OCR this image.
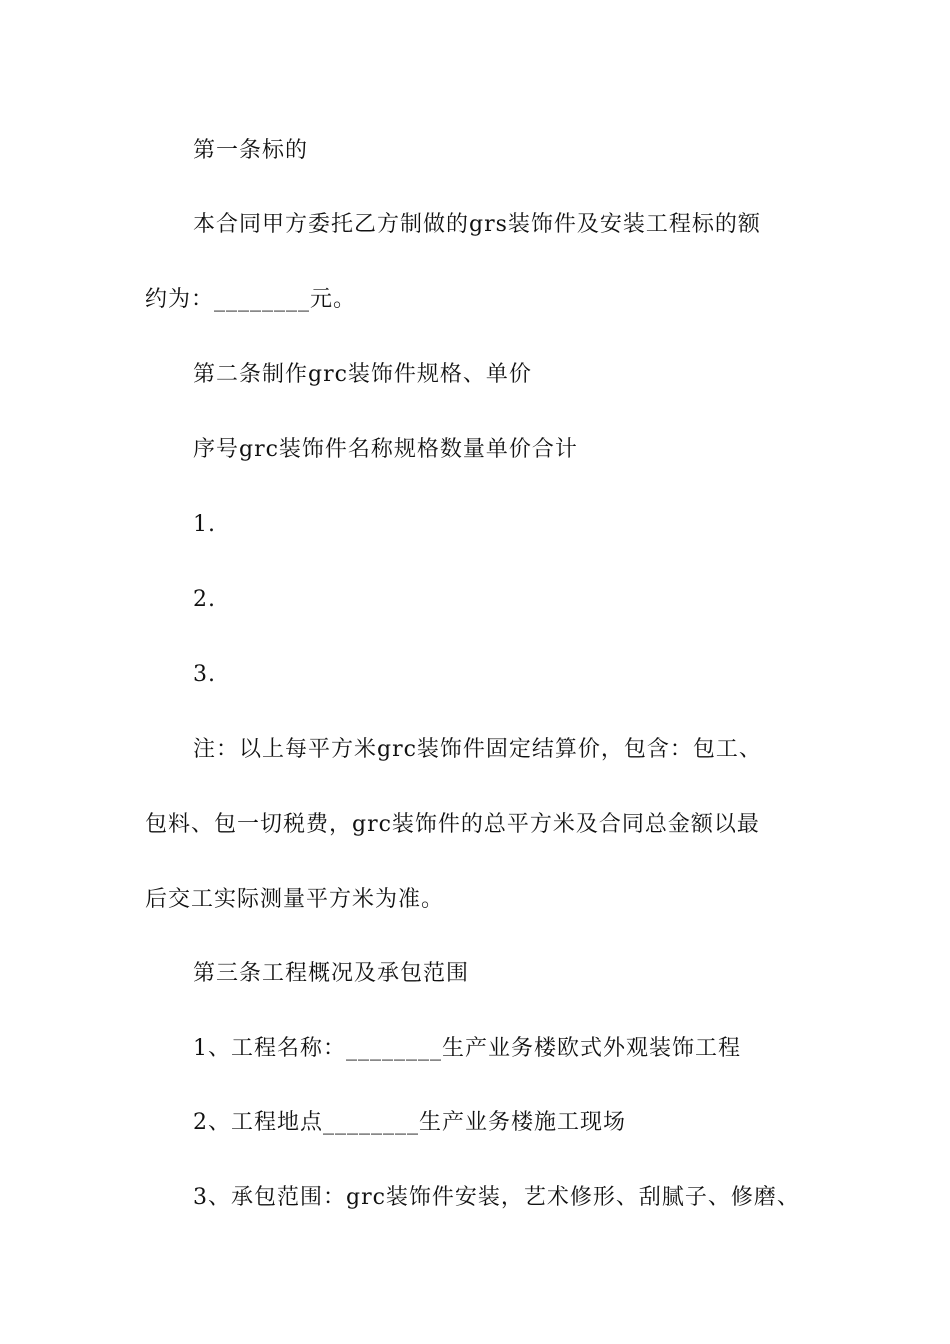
第一条标的
本合同甲方委托乙方制做的grs装饰件及安装工程标的额
约为：________元。
第二条制作grc装饰件规格、单价
序号grc装饰件名称规格数量单价合计
1.
2.
3.
注：以上每平方米grc装饰件固定结算价，包含：包工、
包料、包一切税费，grc装饰件的总平方米及合同总金额以最
后交工实际测量平方米为准。
第三条工程概况及承包范围
1、工程名称：________生产业务楼欧式外观装饰工程
2、工程地点________生产业务楼施工现场
3、承包范围：grc装饰件安装，艺术修形、刮腻子、修磨、
